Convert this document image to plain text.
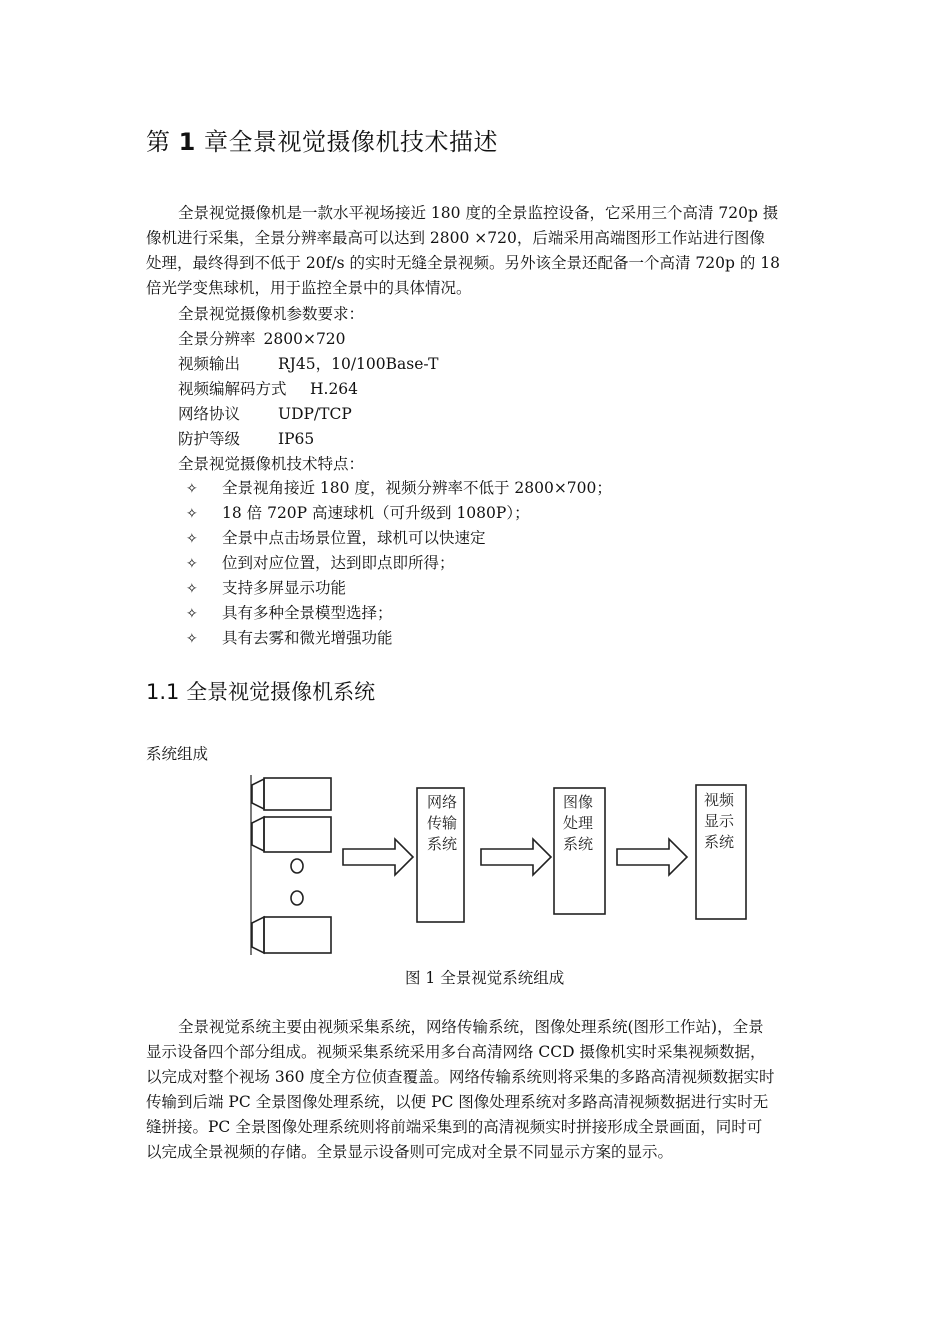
第 1 章全景视觉摄像机技术描述
全景视觉摄像机是一款水平视场接近 180 度的全景监控设备，它采用三个高清 720p 摄
像机进行采集，全景分辨率最高可以达到 2800 ×720，后端采用高端图形工作站进行图像
处理，最终得到不低于 20f/s 的实时无缝全景视频。另外该全景还配备一个高清 720p 的 18
倍光学变焦球机，用于监控全景中的具体情况。
全景视觉摄像机参数要求：
全景分辨率 2800×720
视频输出 RJ45，10/100Base-T
视频编解码方式 H.264
网络协议 UDP/TCP
防护等级 IP65
全景视觉摄像机技术特点：
✧ 全景视角接近 180 度，视频分辨率不低于 2800×700；
✧ 18 倍 720P 高速球机（可升级到 1080P）；
✧ 全景中点击场景位置，球机可以快速定
✧ 位到对应位置，达到即点即所得；
✧ 支持多屏显示功能
✧ 具有多种全景模型选择；
✧ 具有去雾和微光增强功能
1.1 全景视觉摄像机系统
系统组成
网络
传输
系统
图像
处理
系统
视频
显示
系统
图 1 全景视觉系统组成
全景视觉系统主要由视频采集系统，网络传输系统，图像处理系统(图形工作站)，全景
显示设备四个部分组成。视频采集系统采用多台高清网络 CCD 摄像机实时采集视频数据，
以完成对整个视场 360 度全方位侦查覆盖。网络传输系统则将采集的多路高清视频数据实时
传输到后端 PC 全景图像处理系统，以便 PC 图像处理系统对多路高清视频数据进行实时无
缝拼接。PC 全景图像处理系统则将前端采集到的高清视频实时拼接形成全景画面，同时可
以完成全景视频的存储。全景显示设备则可完成对全景不同显示方案的显示。
